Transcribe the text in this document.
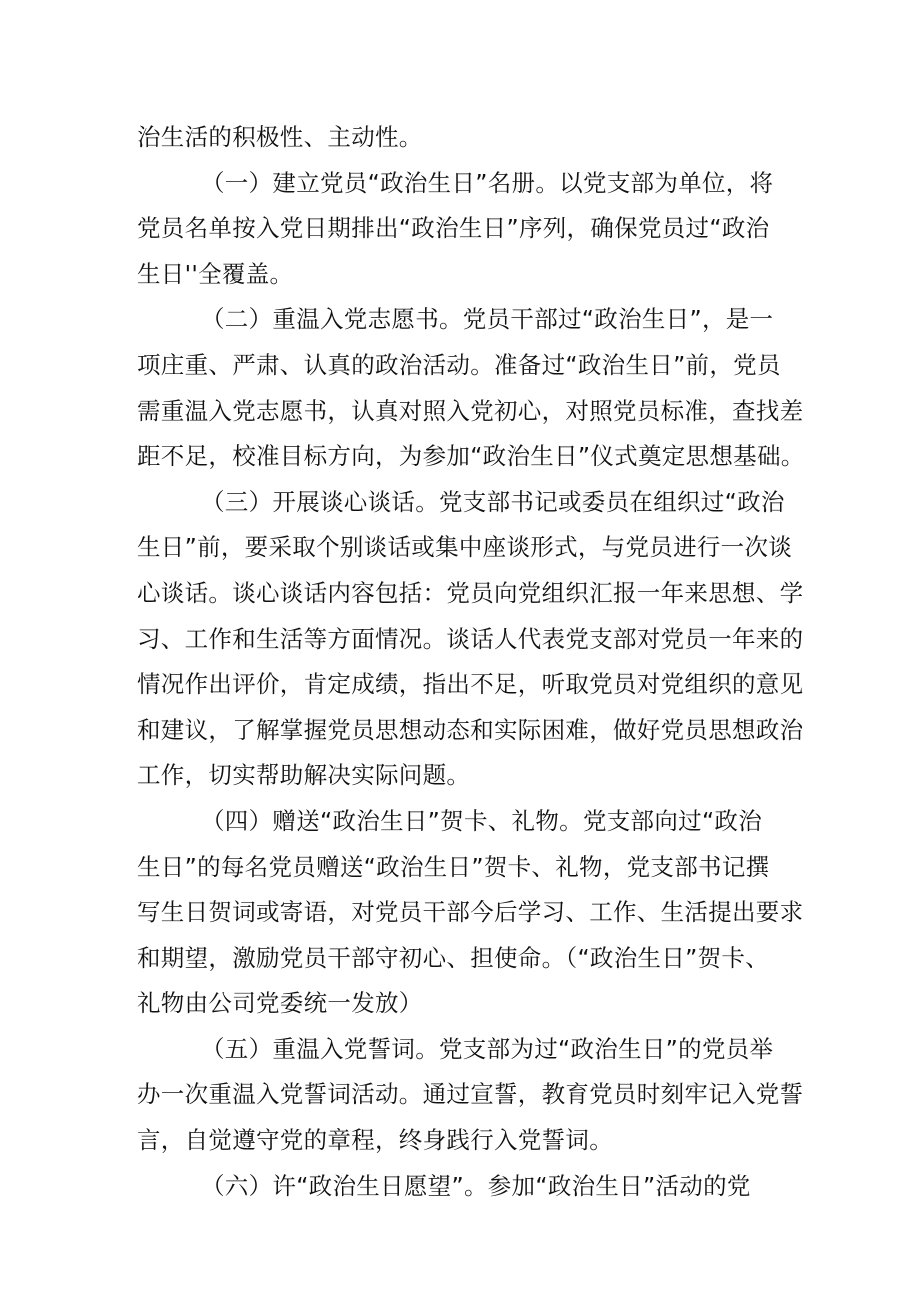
治生活的积极性、主动性。
（一）建立党员“政治生日”名册。以党支部为单位，将
党员名单按入党日期排出“政治生日”序列，确保党员过“政治
生日''全覆盖。
（二）重温入党志愿书。党员干部过“政治生日”，是一
项庄重、严肃、认真的政治活动。准备过“政治生日”前，党员
需重温入党志愿书，认真对照入党初心，对照党员标准，查找差
距不足，校准目标方向，为参加“政治生日”仪式奠定思想基础。
（三）开展谈心谈话。党支部书记或委员在组织过“政治
生日”前，要采取个别谈话或集中座谈形式，与党员进行一次谈
心谈话。谈心谈话内容包括：党员向党组织汇报一年来思想、学
习、工作和生活等方面情况。谈话人代表党支部对党员一年来的
情况作出评价，肯定成绩，指出不足，听取党员对党组织的意见
和建议，了解掌握党员思想动态和实际困难，做好党员思想政治
工作，切实帮助解决实际问题。
（四）赠送“政治生日”贺卡、礼物。党支部向过“政治
生日”的每名党员赠送“政治生日”贺卡、礼物，党支部书记撰
写生日贺词或寄语，对党员干部今后学习、工作、生活提出要求
和期望，激励党员干部守初心、担使命。（“政治生日”贺卡、
礼物由公司党委统一发放）
（五）重温入党誓词。党支部为过“政治生日”的党员举
办一次重温入党誓词活动。通过宣誓，教育党员时刻牢记入党誓
言，自觉遵守党的章程，终身践行入党誓词。
（六）许“政治生日愿望”。参加“政治生日”活动的党
